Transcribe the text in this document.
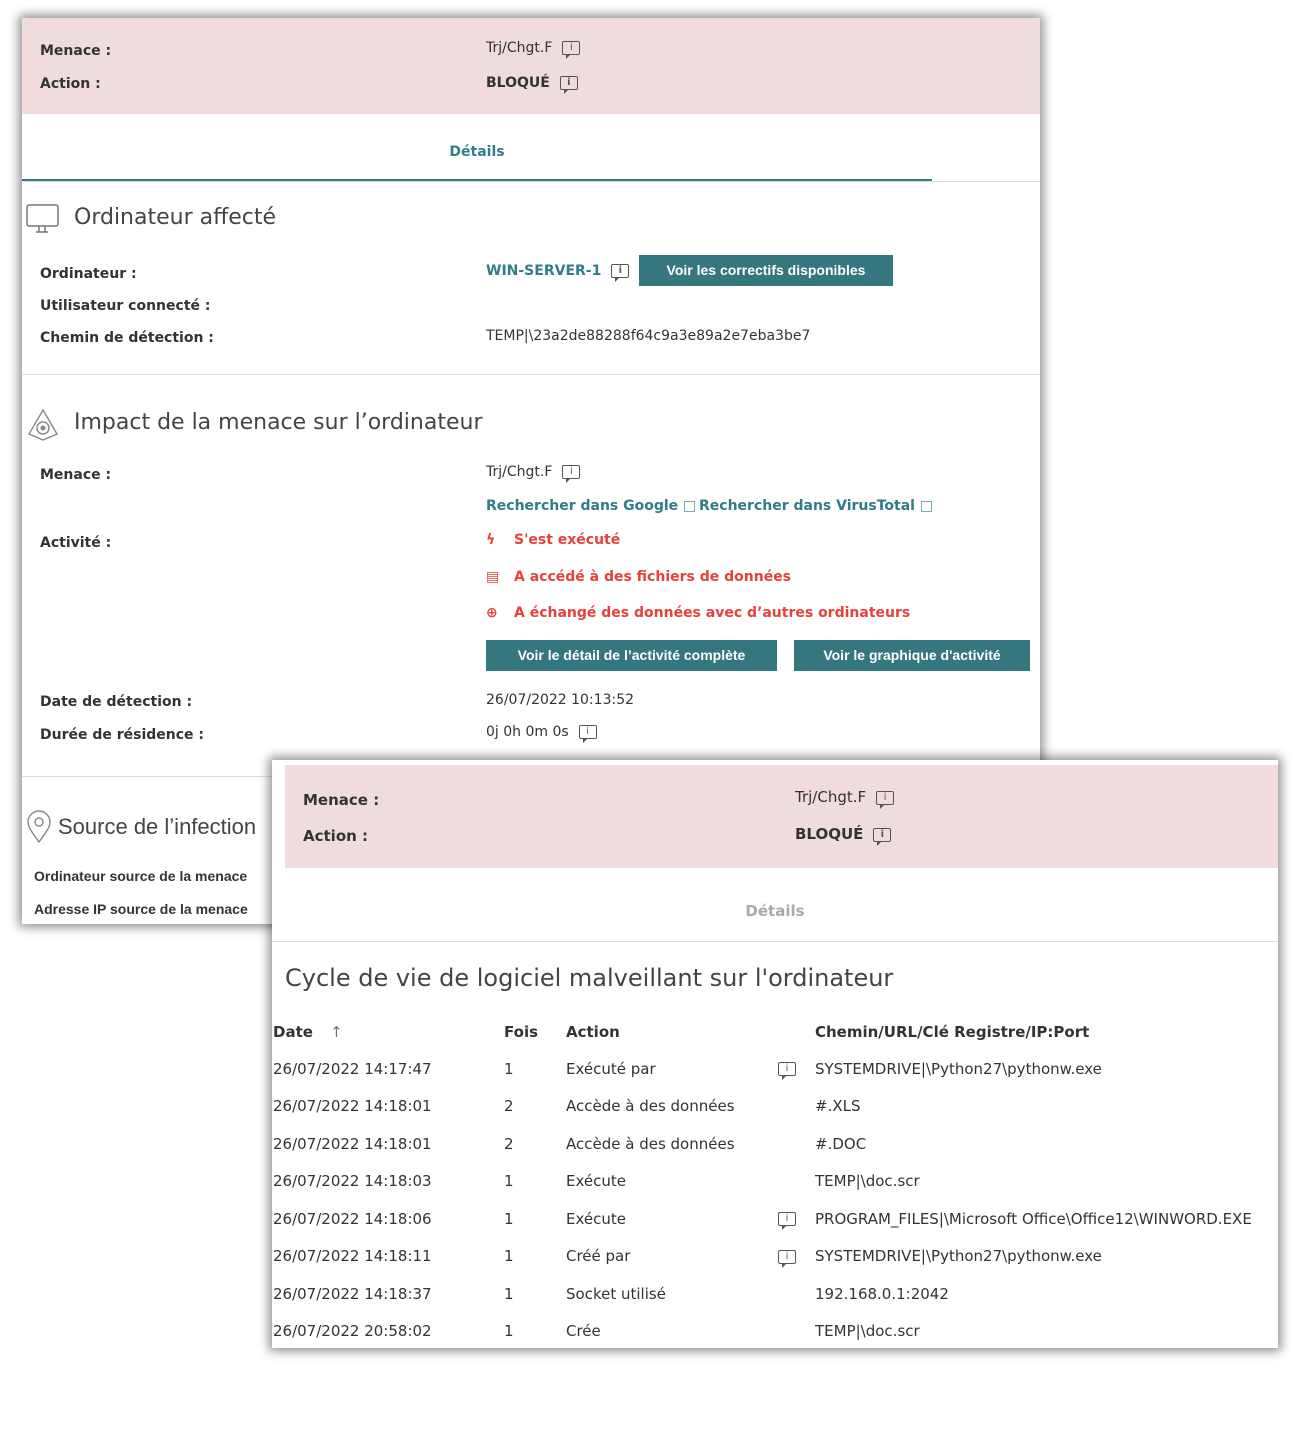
Menace :	Trj/Chgt.F i
Action :	BLOQUÉ i
Détails
Ordinateur affecté
Ordinateur :	WIN-SERVER-1 i	Voir les correctifs disponibles
Utilisateur connecté :
Chemin de détection :	TEMP|\23a2de88288f64c9a3e89a2e7eba3be7
Impact de la menace sur l’ordinateur
Menace :	Trj/Chgt.F i
Rechercher dans Google	Rechercher dans VirusTotal
Activité :	ϟ S'est exécuté
▤ A accédé à des fichiers de données
⊕ A échangé des données avec d’autres ordinateurs
Voir le détail de l’activité complète	Voir le graphique d'activité
Date de détection :	26/07/2022 10:13:52
Durée de résidence :	0j 0h 0m 0s i
Source de l’infection
Ordinateur source de la menace
Adresse IP source de la menace
Menace :	Trj/Chgt.F i
Action :	BLOQUÉ i
Détails
Cycle de vie de logiciel malveillant sur l'ordinateur
Date ↑	Fois	Action		Chemin/URL/Clé Registre/IP:Port
26/07/2022 14:17:47	1	Exécuté par	i	SYSTEMDRIVE|\Python27\pythonw.exe
26/07/2022 14:18:01	2	Accède à des données		#.XLS
26/07/2022 14:18:01	2	Accède à des données		#.DOC
26/07/2022 14:18:03	1	Exécute		TEMP|\doc.scr
26/07/2022 14:18:06	1	Exécute	i	PROGRAM_FILES|\Microsoft Office\Office12\WINWORD.EXE
26/07/2022 14:18:11	1	Créé par	i	SYSTEMDRIVE|\Python27\pythonw.exe
26/07/2022 14:18:37	1	Socket utilisé		192.168.0.1:2042
26/07/2022 20:58:02	1	Crée		TEMP|\doc.scr
